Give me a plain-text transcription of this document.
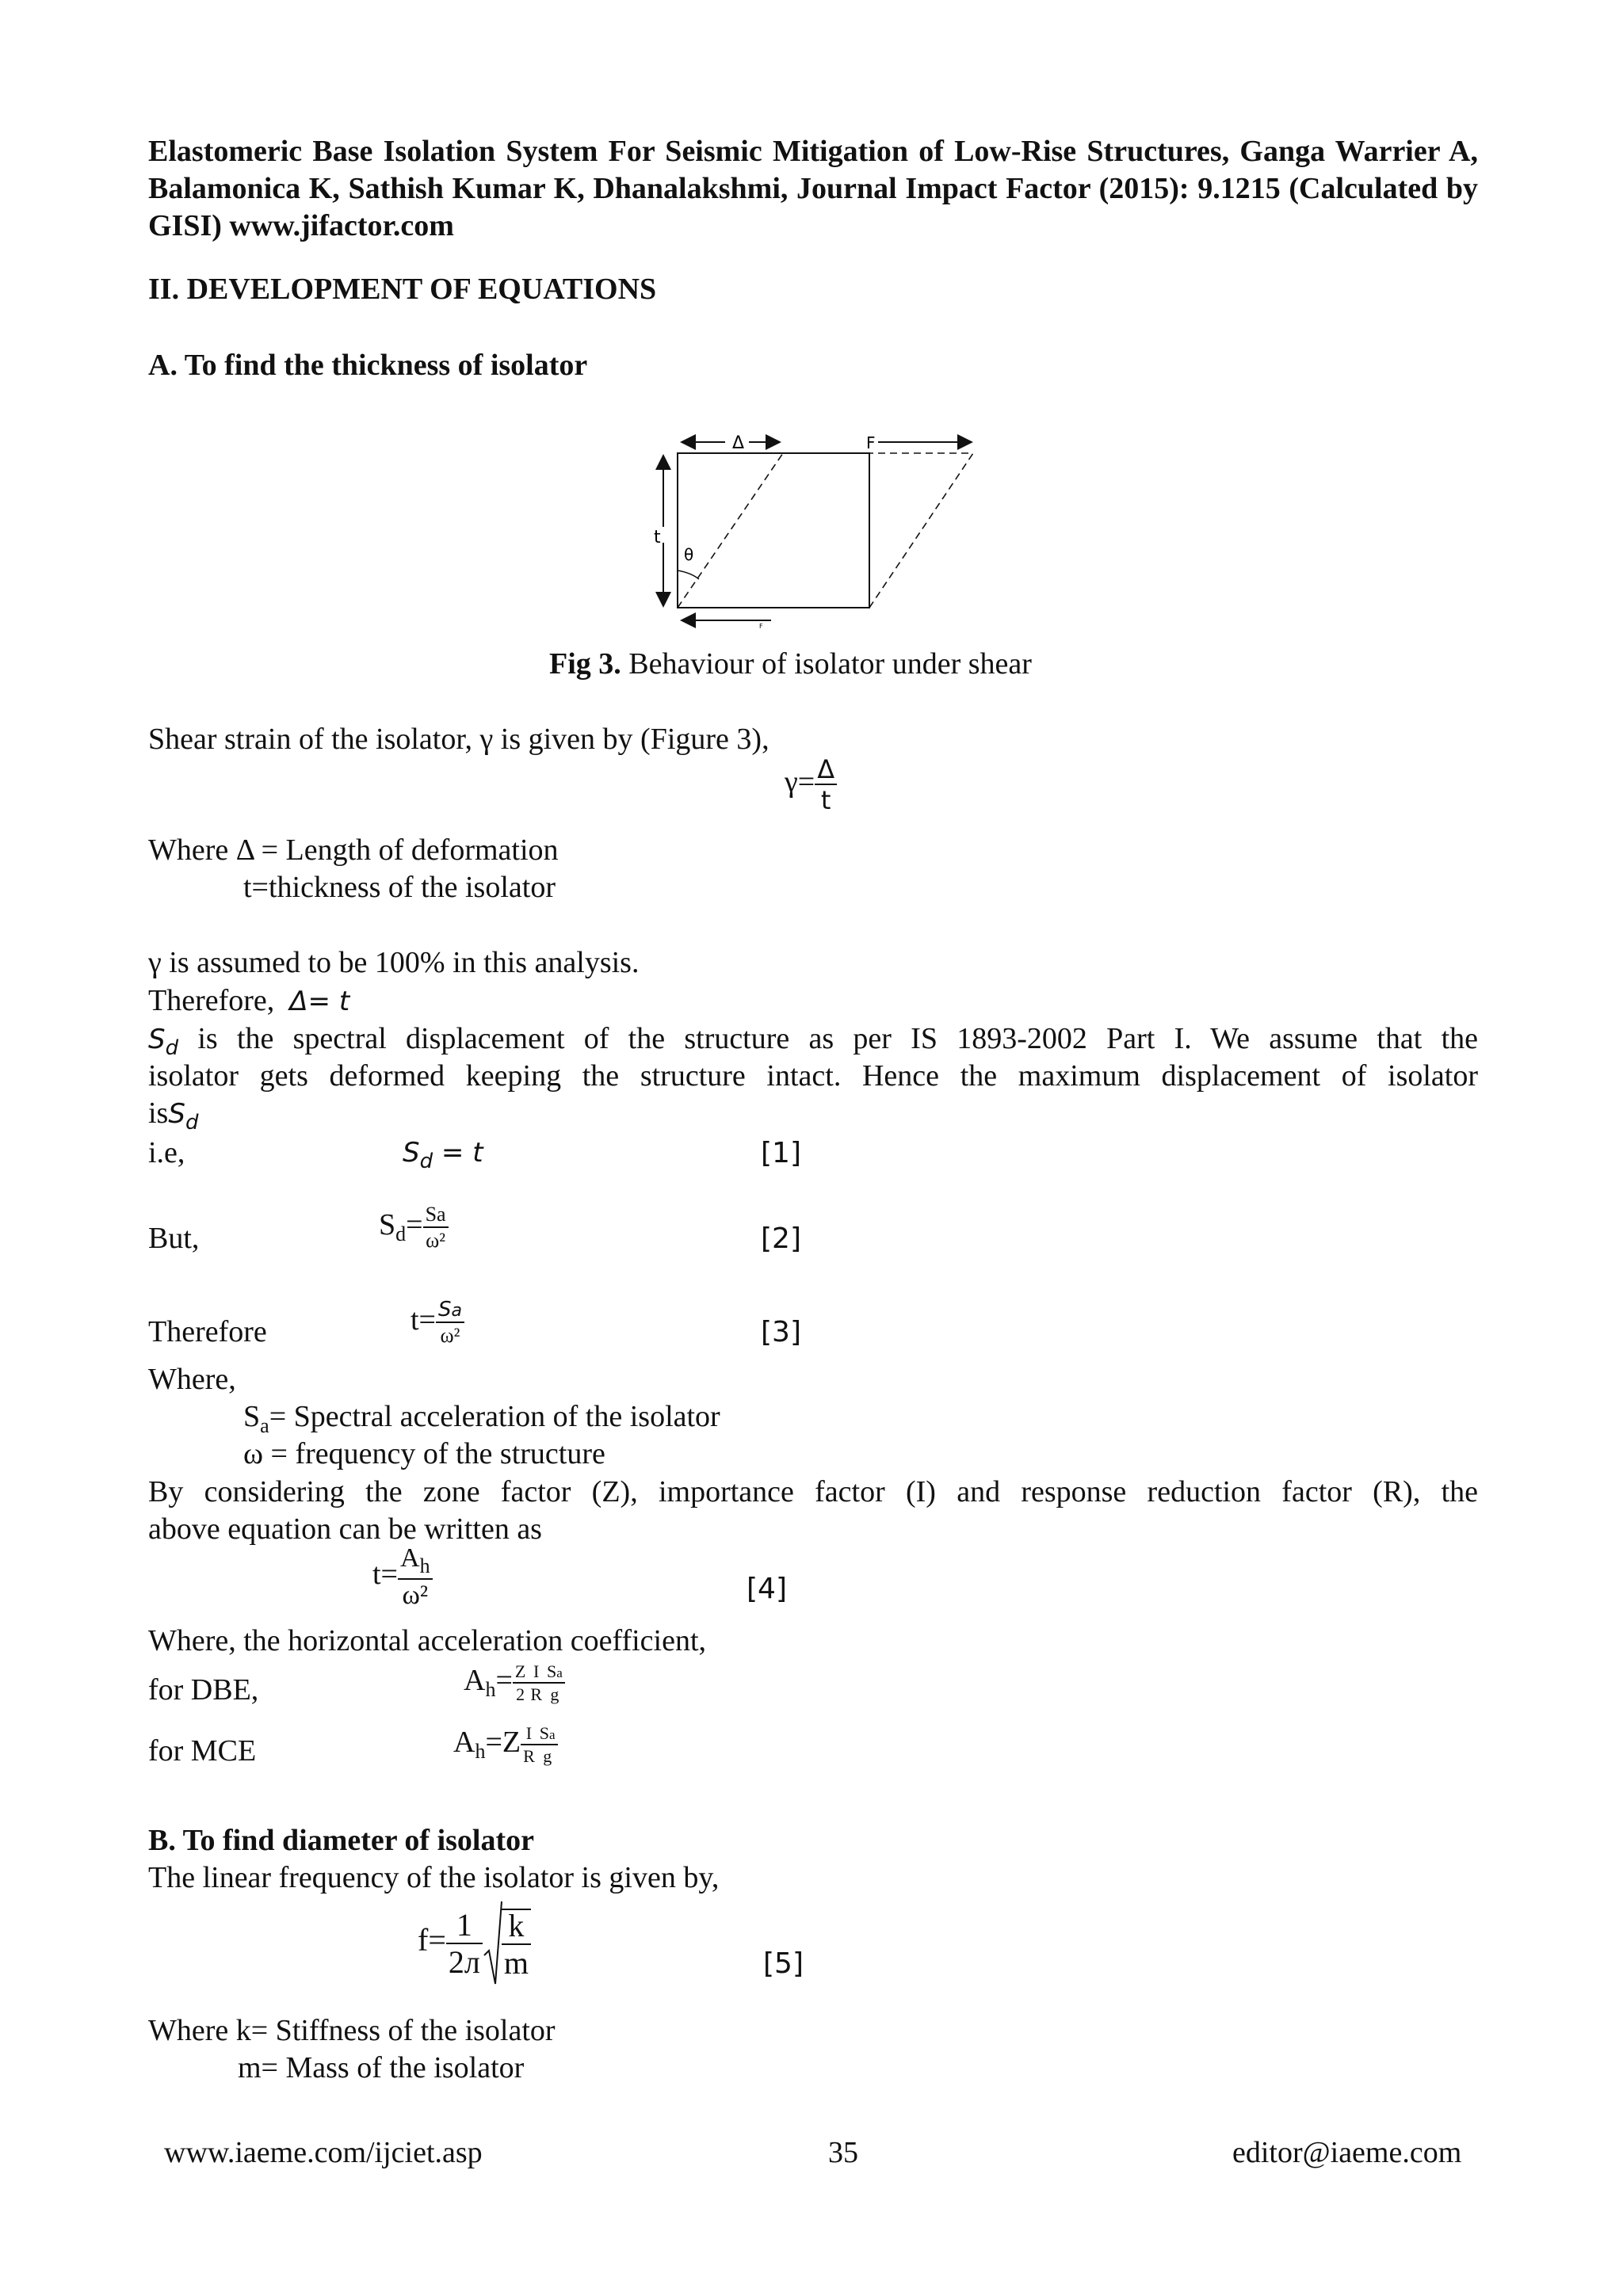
Elastomeric Base Isolation System For Seismic Mitigation of Low-Rise Structures, Ganga Warrier A, Balamonica K, Sathish Kumar K, Dhanalakshmi, Journal Impact Factor (2015): 9.1215 (Calculated by GISI) www.jifactor.com
II. DEVELOPMENT OF EQUATIONS
A. To find the thickness of isolator
Δ	F
t
θ
F
Fig 3. Behaviour of isolator under shear
Shear strain of the isolator, γ is given by (Figure 3),
$\gamma= \frac{\Delta}{t}$
Where Δ = Length of deformation
t=thickness of the isolator
γ is assumed to be 100% in this analysis.
Therefore, Δ= t
$S_d$ is the spectral displacement of the structure as per IS 1893-2002 Part I. We assume that the
isolator gets deformed keeping the structure intact. Hence the maximum displacement of isolator
isS$_d$
i.e,	$S_d = t$	[1]
But,	$S_d= \frac{Sa}{\text{ω²}}$	[2]
Therefore	$t= \frac{Sa}{\text{ω²}}$	[3]
Where,
$S_a=$ Spectral acceleration of the isolator
ω = frequency of the structure
By considering the zone factor (Z), importance factor (I) and response reduction factor (R), the
above equation can be written as
$t= \frac{A_h}{\text{ω²}}$	[4]
Where, the horizontal acceleration coefficient,
for DBE,	$A_h= \frac{Z}{2} \frac{I}{R} \frac{Sa}{g}$
for MCE	$A_h=Z \frac{I}{R} \frac{Sa}{g}$
B. To find diameter of isolator
The linear frequency of the isolator is given by,
$f= \frac{1}{2л} \frac{k}{m}$	[5]
Where k= Stiffness of the isolator
m= Mass of the isolator
www.iaeme.com/ijciet.asp	35	editor@iaeme.com
